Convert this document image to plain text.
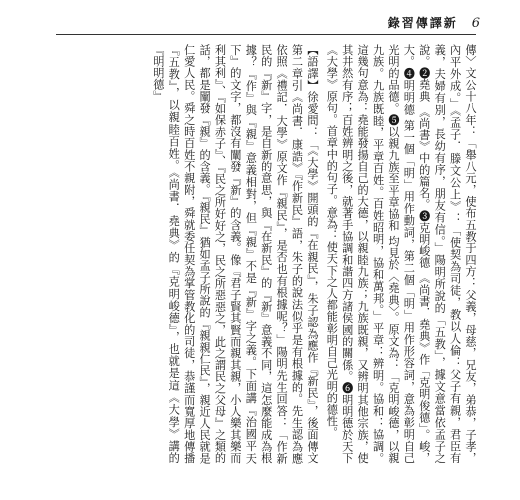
錄習傳譯新 6

傳〉文公十八年：「舉八元，使布五教于四方：父義，母慈，兄友，弟恭，子孝，內平外成。」《孟子．滕文公上》：「使契為司徒，教以人倫：父子有親，君臣有義，夫婦有別，長幼有序，朋友有信。」陽明所說的「五教」，據文意當依孟子之說。❷堯典 《尚書》中的篇名。❸克明峻德 《尚書．堯典》作「克明俊德」。峻，大。❹明明德 第一個「明」用作動詞，第二個「明」用作形容詞，意為彰明自己光明的品德。❺以親九族至平章協和 均見於〈堯典〉。原文為：「克明峻德，以親九族。九族既睦，平章百姓。百姓昭明，協和萬邦。」平章：辨明。協和：協調。這幾句意為：堯能發揚自己的大德，以親睦九族；九族既親，又辨明其他宗族，使其井然有序；百姓辨明之後，就著手協調和諧四方諸侯國的關係。❻明明德於天下 《大學》原句。首章中的句子。意為：使天下之人都能彰明自己光明的德性。

【語譯】徐愛問：「《大學》開頭的『在親民』，朱子認為應作『新民』，後面傳文第二章引《尚書．康誥》『作新民』語，朱子的說法似乎是有根據的。先生認為應依照《禮記．大學》原文作『親民』，是否也有根據呢？」陽明先生回答：「作新民的『新』字，是自新的意思，與『在新民』的『新』意義不同，這怎麼能成為根據？『作』與『親』意義相對，但『親』不是『新』字之義。下面講『治國平天下』的文字，都沒有闡發『新』的含義。像『君子賢其賢而親其親，小人樂其樂而利其利』、『如保赤子』、『民之所好好之，民之所惡惡之，此之謂民之父母』之類的話，都是闡發『親』的含義。『親民』猶如孟子所說的『親親仁民』，親近人民就是仁愛人民。舜之時百姓不親附，舜就委任契為掌管教化的司徒，恭謹而寬厚地傳播『五教』，以親睦百姓。《尚書．堯典》的『克明峻德』，也就是這《大學》講的『明明德』
